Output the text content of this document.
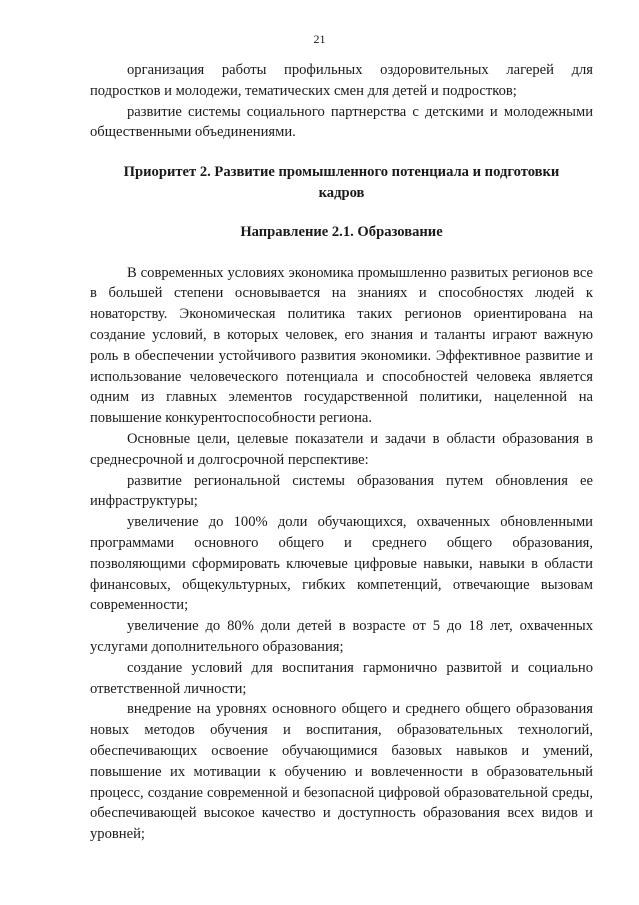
21

организация работы профильных оздоровительных лагерей для подростков и молодежи, тематических смен для детей и подростков;

развитие системы социального партнерства с детскими и молодежными общественными объединениями.

Приоритет 2. Развитие промышленного потенциала и подготовки кадров

Направление 2.1. Образование

В современных условиях экономика промышленно развитых регионов все в большей степени основывается на знаниях и способностях людей к новаторству. Экономическая политика таких регионов ориентирована на создание условий, в которых человек, его знания и таланты играют важную роль в обеспечении устойчивого развития экономики. Эффективное развитие и использование человеческого потенциала и способностей человека является одним из главных элементов государственной политики, нацеленной на повышение конкурентоспособности региона.

Основные цели, целевые показатели и задачи в области образования в среднесрочной и долгосрочной перспективе:

развитие региональной системы образования путем обновления ее инфраструктуры;

увеличение до 100% доли обучающихся, охваченных обновленными программами основного общего и среднего общего образования, позволяющими сформировать ключевые цифровые навыки, навыки в области финансовых, общекультурных, гибких компетенций, отвечающие вызовам современности;

увеличение до 80% доли детей в возрасте от 5 до 18 лет, охваченных услугами дополнительного образования;

создание условий для воспитания гармонично развитой и социально ответственной личности;

внедрение на уровнях основного общего и среднего общего образования новых методов обучения и воспитания, образовательных технологий, обеспечивающих освоение обучающимися базовых навыков и умений, повышение их мотивации к обучению и вовлеченности в образовательный процесс, создание современной и безопасной цифровой образовательной среды, обеспечивающей высокое качество и доступность образования всех видов и уровней;
